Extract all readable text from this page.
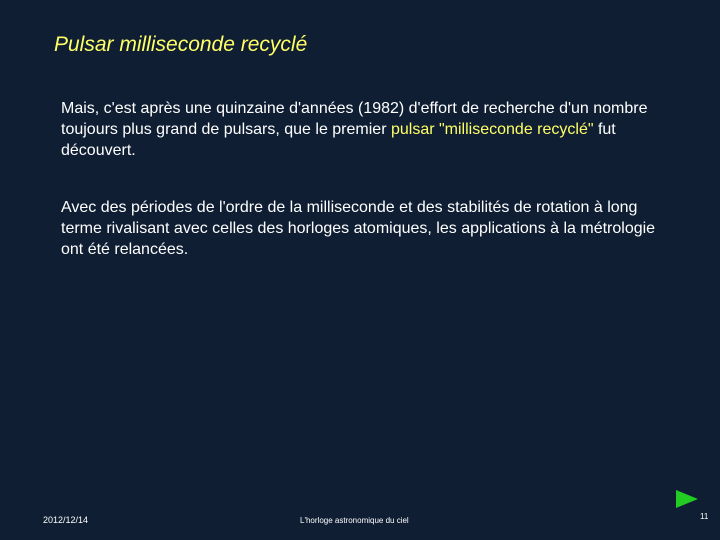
Pulsar milliseconde recyclé
Mais, c'est après une quinzaine d'années (1982) d'effort de recherche d'un nombre toujours plus grand de pulsars, que le premier pulsar "milliseconde recyclé" fut découvert.
Avec des périodes de l'ordre de la milliseconde et des stabilités de rotation à long terme rivalisant avec celles des horloges atomiques, les applications à la métrologie ont été relancées.
2012/12/14	L'horloge astronomique du ciel	11
